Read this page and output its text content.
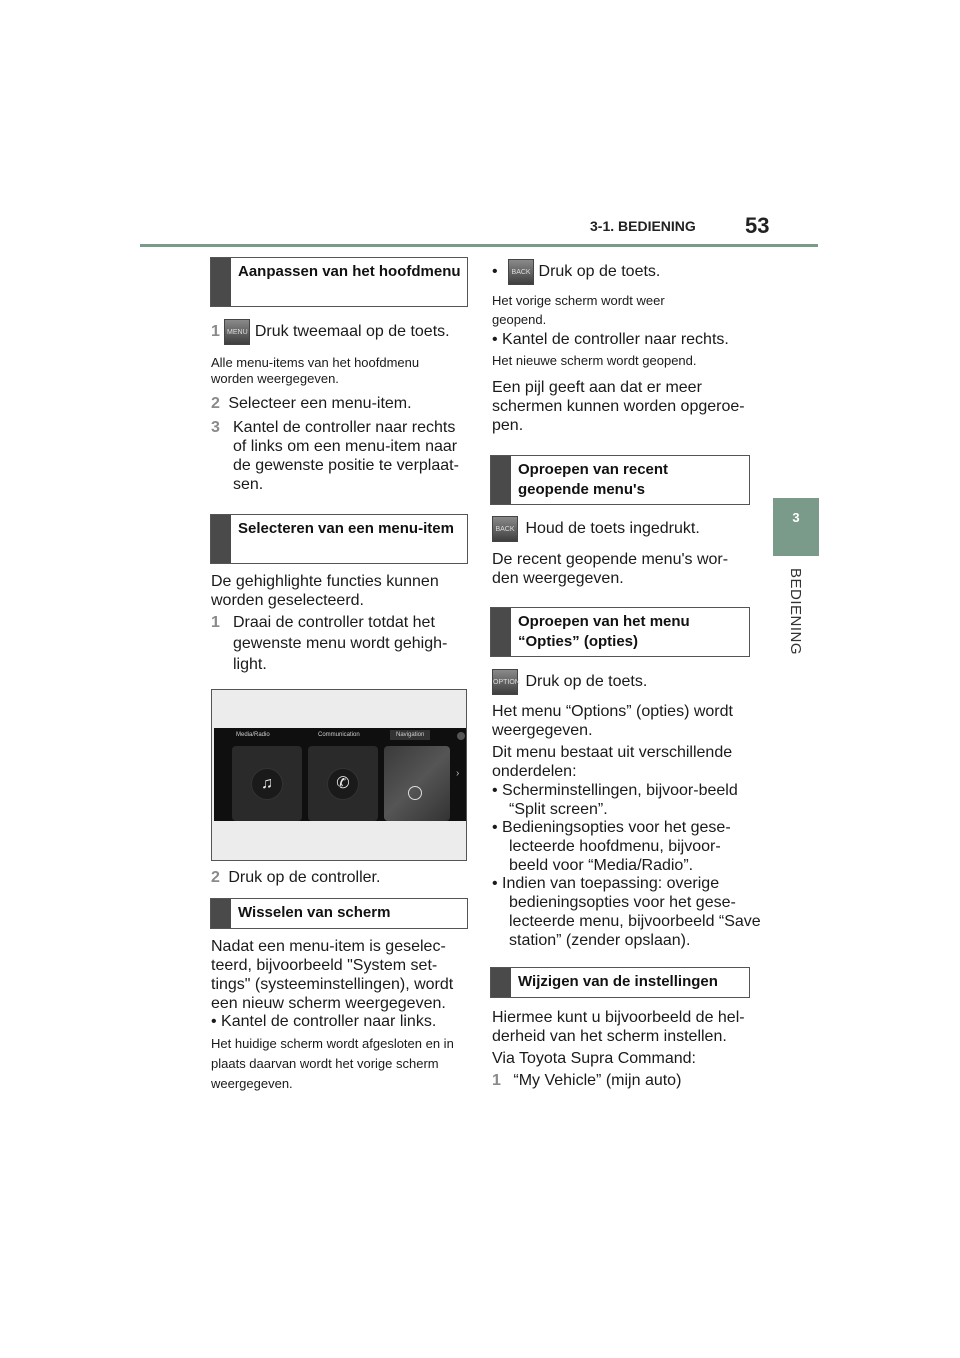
3-1. BEDIENING 53
3
BEDIENING
Aanpassen van het hoofdmenu
1 MENU Druk tweemaal op de toets.
Alle menu-items van het hoofdmenu worden weergegeven.
2 Selecteer een menu-item.
3 Kantel de controller naar rechts of links om een menu-item naar de gewenste positie te verplaat-sen.
Selecteren van een menu-item
De gehighlighte functies kunnen worden geselecteerd.
1 Draai de controller totdat het gewenste menu wordt gehigh-light.
Media/Radio	Communication	Navigation
♫	✆
›
2 Druk op de controller.
Wisselen van scherm
Nadat een menu-item is geselec-teerd, bijvoorbeeld "System set-tings" (systeeminstellingen), wordt een nieuw scherm weergegeven.
• Kantel de controller naar links.
Het huidige scherm wordt afgesloten en in plaats daarvan wordt het vorige scherm weergegeven.
• BACK Druk op de toets.
Het vorige scherm wordt weer geopend.
• Kantel de controller naar rechts.
Het nieuwe scherm wordt geopend.
Een pijl geeft aan dat er meer schermen kunnen worden opgeroe-pen.
Oproepen van recent geopende menu's
BACK Houd de toets ingedrukt.
De recent geopende menu's wor-den weergegeven.
Oproepen van het menu “Opties” (opties)
OPTION Druk op de toets.
Het menu “Options” (opties) wordt weergegeven.
Dit menu bestaat uit verschillende onderdelen:
• Scherminstellingen, bijvoor-beeld “Split screen”.
• Bedieningsopties voor het gese-lecteerde hoofdmenu, bijvoor-beeld voor “Media/Radio”.
• Indien van toepassing: overige bedieningsopties voor het gese-lecteerde menu, bijvoorbeeld “Save station” (zender opslaan).
Wijzigen van de instellingen
Hiermee kunt u bijvoorbeeld de hel-derheid van het scherm instellen.
Via Toyota Supra Command:
1 “My Vehicle” (mijn auto)
